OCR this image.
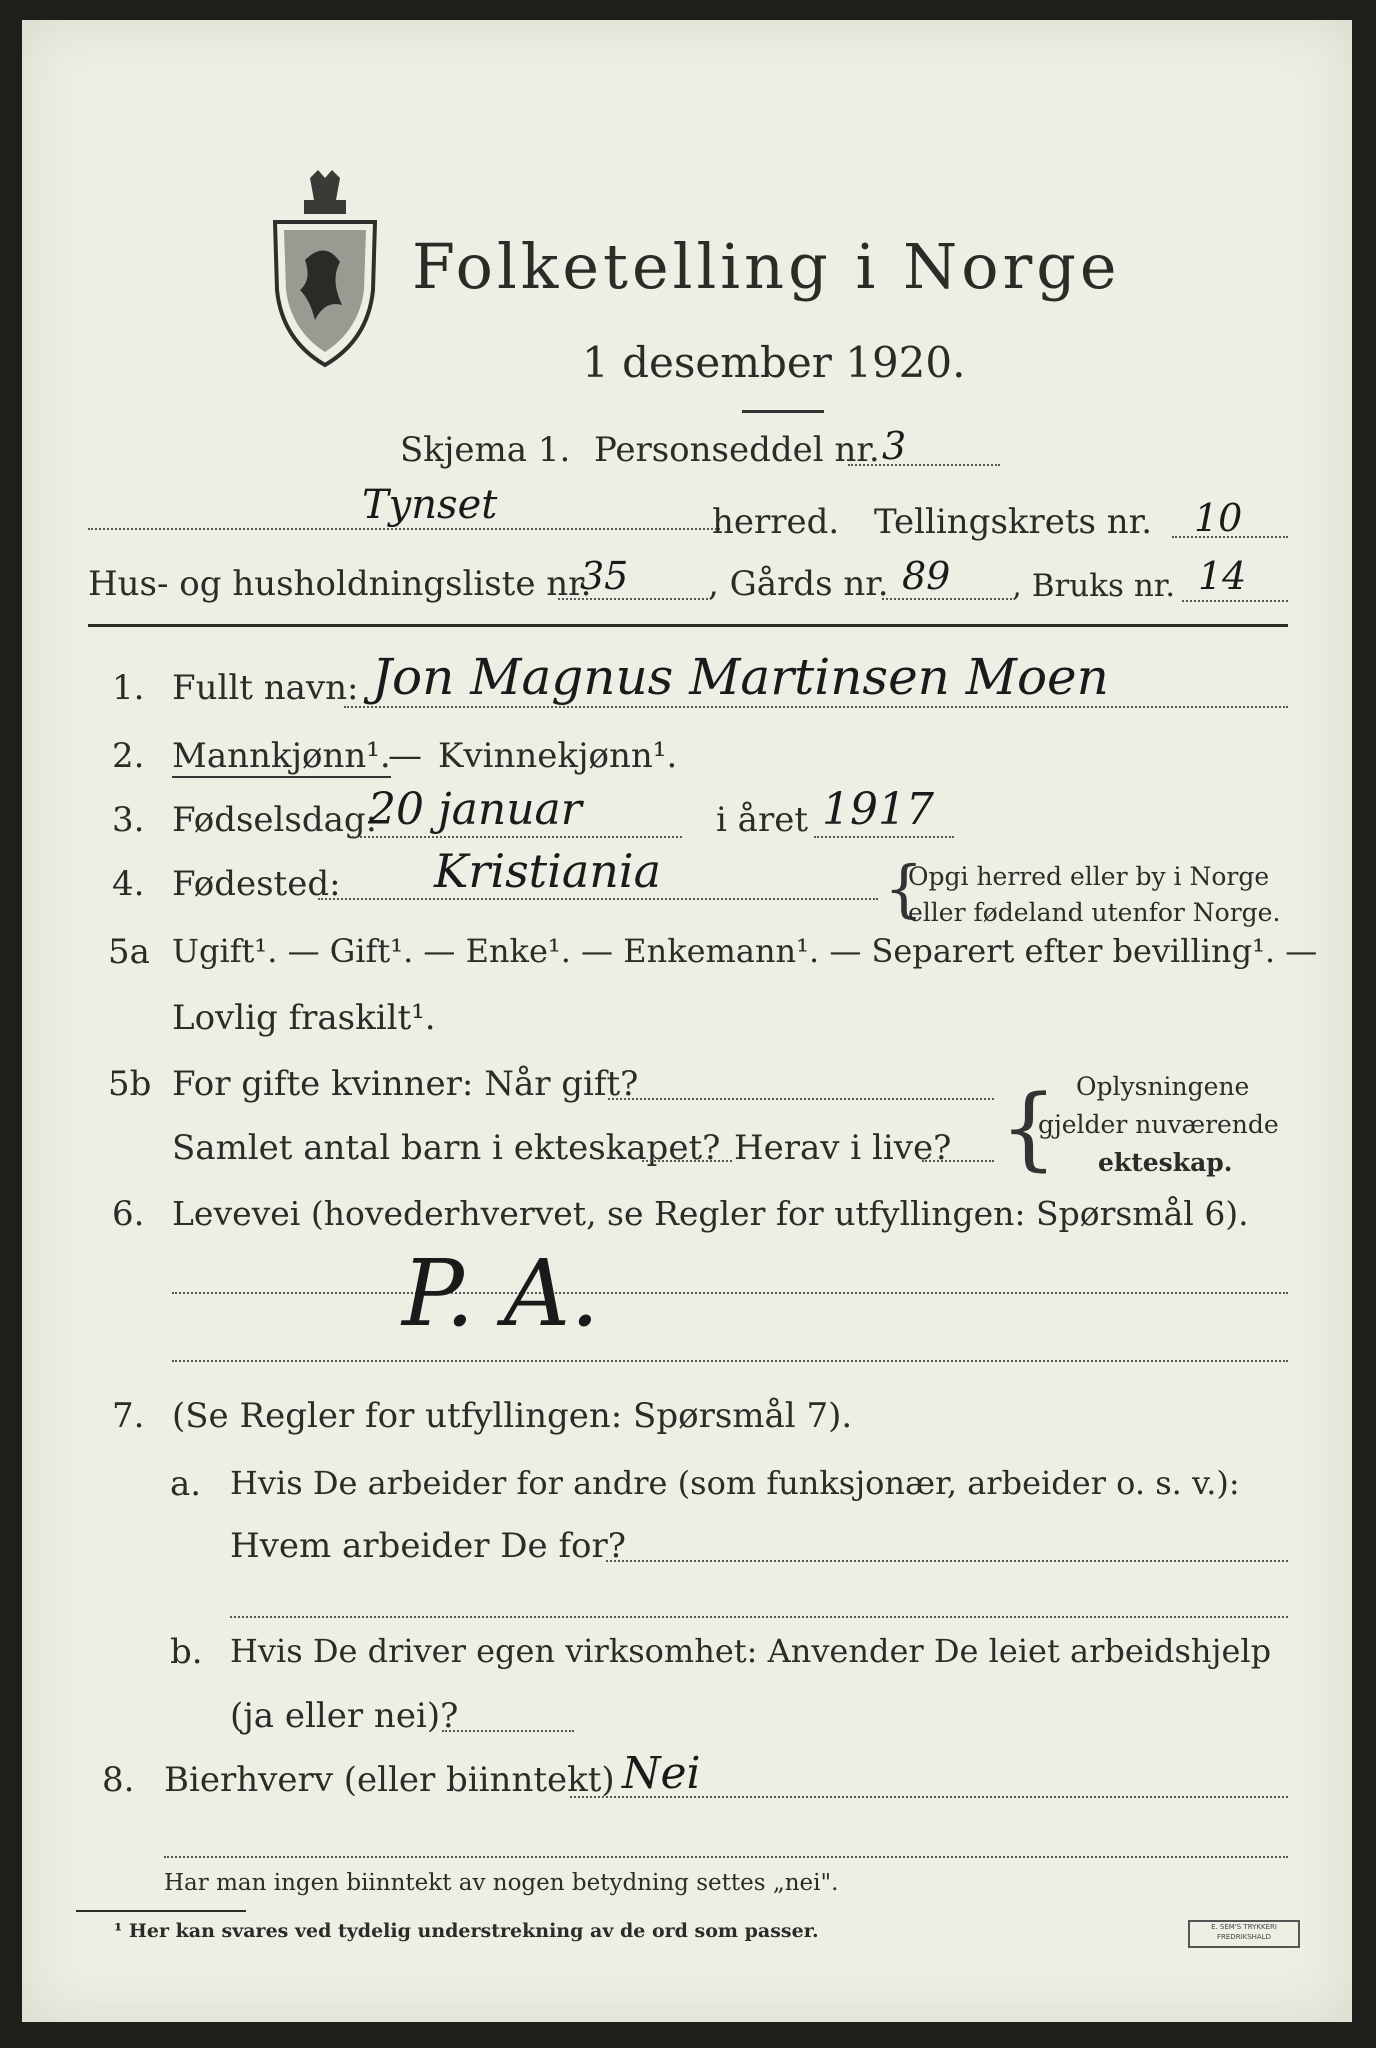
Folketelling i Norge
1 desember 1920.
Skjema 1. Personseddel nr. 3
Tynset	herred. Tellingskrets nr. 10
Hus- og husholdningsliste nr.
35 , Gårds nr. 89 , Bruks nr. 14
1. Fullt navn: Jon Magnus Martinsen Moen
2. Mannkjønn¹.
— Kvinnekjønn¹.
3. Fødselsdag:
20 januar	i året 1917
4. Fødested: Kristiania	{
Opgi herred eller by i Norge
eller fødeland utenfor Norge.
5a Ugift¹. — Gift¹. — Enke¹. — Enkemann¹. — Separert efter bevilling¹. —
Lovlig fraskilt¹.
5b For gifte kvinner: Når gift?
Samlet antal barn i ekteskapet? Herav i live? { Oplysningene
gjelder nuværende
ekteskap.
6. Levevei (hovederhvervet, se Regler for utfyllingen: Spørsmål 6).
P. A.
7. (Se Regler for utfyllingen: Spørsmål 7).
a. Hvis De arbeider for andre (som funksjonær, arbeider o. s. v.):
Hvem arbeider De for?
b. Hvis De driver egen virksomhet: Anvender De leiet arbeidshjelp
(ja eller nei)?
8. Bierhverv (eller biinntekt) Nei
Har man ingen biinntekt av nogen betydning settes „nei".
¹ Her kan svares ved tydelig understrekning av de ord som passer.	E. SEM'S TRYKKERI FREDRIKSHALD
